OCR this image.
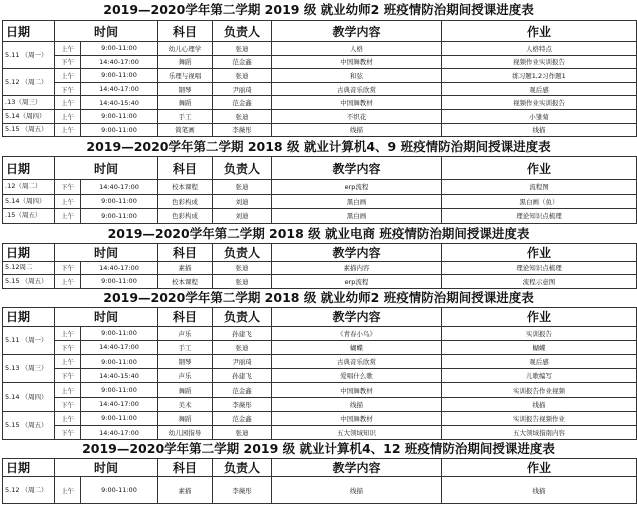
2019—2020学年第二学期 2019 级 就业幼师2 班疫情防治期间授课进度表
日期	时间		科目	负责人	教学内容	作业
5.11 （周一）	上午	9:00-11:00	幼儿心理学	张迪	人格	人格特点
	下午	14:40-17:00	舞蹈	范金鑫	中国舞教材	视频作业实训报告
5.12 （周二）	上午	9:00-11:00	乐理与视唱	张迪	和弦	练习题1,2习作题1
	下午	14:40-17:00	钢琴	尹丽琦	古典音乐欣赏	观后感
.13（周三）	上午	14:40-15:40	舞蹈	范金鑫	中国舞教材	视频作业实训报告
5.14（周四）	上午	9:00-11:00	手工	张迪	不织花	小雏菊
5.15 （周五）	上午	9:00-11:00	简笔画	李薇彤	线描	线描
2019—2020学年第二学期 2018 级 就业计算机4、9 班疫情防治期间授课进度表
日期	时间		科目	负责人	教学内容	作业
.12（周二）	下午	14:40-17:00	校本课程	张迪	erp流程	流程图
5.14（周四）	上午	9:00-11:00	色彩构成	刘迪	黑白画	黑白画（鱼）
.15（周五）	上午	9:00-11:00	色彩构成	刘迪	黑白画	理论知识点梳理
2019—2020学年第二学期 2018 级 就业电商 班疫情防治期间授课进度表
日期	时间		科目	负责人	教学内容	作业
5.12周二	下午	14:40-17:00	素描	张迪	素描内容	理论知识点梳理
5.15 （周五）	上午	9:00-11:00	校本课程	张迪	erp流程	流程示意图
2019—2020学年第二学期 2018 级 就业幼师2 班疫情防治期间授课进度表
日期	时间		科目	负责人	教学内容	作业
5.11 （周一）	上午	9:00-11:00	声乐	孙建飞	《青春小鸟》	实训报告
	下午	14:40-17:00	手工	张迪	蝴蝶	蝴蝶
5.13 （周三）	上午	9:00-11:00	钢琴	尹丽琦	古典音乐欣赏	观后感
	下午	14:40-15:40	声乐	孙建飞	爱唱什么歌	儿歌编写
5.14 （周四）	上午	9:00-11:00	舞蹈	范金鑫	中国舞教材	实训报告作业视频
	下午	14:40-17:00	美术	李薇彤	线描	线描
5.15 （周五）	上午	9:00-11:00	舞蹈	范金鑫	中国舞教材	实训报告视频作业
	下午	14:40-17:00	幼儿园指导	张迪	五大领域知识	五大领域指南内容
2019—2020学年第二学期 2019 级 就业计算机4、12 班疫情防治期间授课进度表
日期	时间		科目	负责人	教学内容	作业
5.12 （周二）	上午	9:00-11:00	素描	李薇彤	线描	线描
